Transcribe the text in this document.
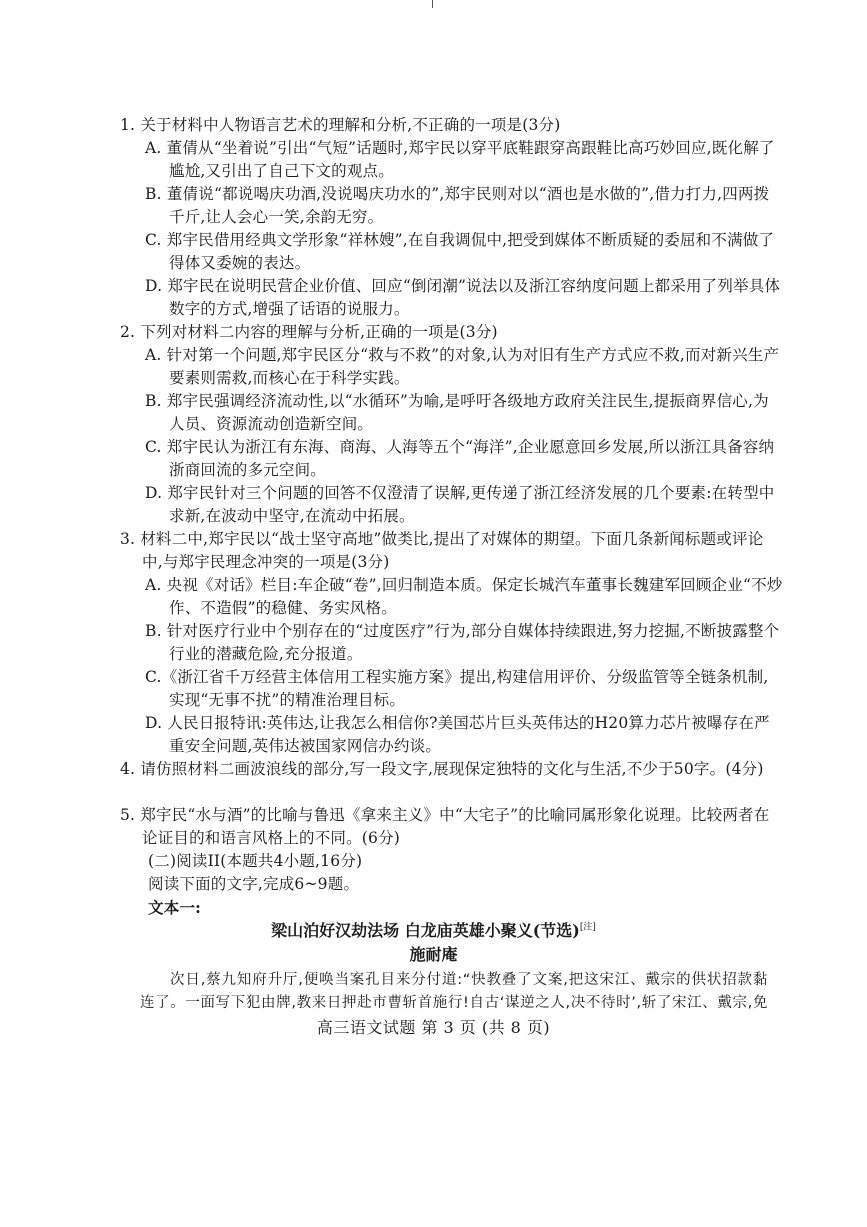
1. 关于材料中人物语言艺术的理解和分析,不正确的一项是(3分)
A. 董倩从“坐着说”引出“气短”话题时,郑宇民以穿平底鞋跟穿高跟鞋比高巧妙回应,既化解了尴尬,又引出了自己下文的观点。
B. 董倩说“都说喝庆功酒,没说喝庆功水的”,郑宇民则对以“酒也是水做的”,借力打力,四两拨千斤,让人会心一笑,余韵无穷。
C. 郑宇民借用经典文学形象“祥林嫂”,在自我调侃中,把受到媒体不断质疑的委屈和不满做了得体又委婉的表达。
D. 郑宇民在说明民营企业价值、回应“倒闭潮”说法以及浙江容纳度问题上都采用了列举具体数字的方式,增强了话语的说服力。
2. 下列对材料二内容的理解与分析,正确的一项是(3分)
A. 针对第一个问题,郑宇民区分“救与不救”的对象,认为对旧有生产方式应不救,而对新兴生产要素则需救,而核心在于科学实践。
B. 郑宇民强调经济流动性,以“水循环”为喻,是呼吁各级地方政府关注民生,提振商界信心,为人员、资源流动创造新空间。
C. 郑宇民认为浙江有东海、商海、人海等五个“海洋”,企业愿意回乡发展,所以浙江具备容纳浙商回流的多元空间。
D. 郑宇民针对三个问题的回答不仅澄清了误解,更传递了浙江经济发展的几个要素:在转型中求新,在波动中坚守,在流动中拓展。
3. 材料二中,郑宇民以“战士坚守高地”做类比,提出了对媒体的期望。下面几条新闻标题或评论中,与郑宇民理念冲突的一项是(3分)
A. 央视《对话》栏目:车企破“卷”,回归制造本质。保定长城汽车董事长魏建军回顾企业“不炒作、不造假”的稳健、务实风格。
B. 针对医疗行业中个别存在的“过度医疗”行为,部分自媒体持续跟进,努力挖掘,不断披露整个行业的潜藏危险,充分报道。
C.《浙江省千万经营主体信用工程实施方案》提出,构建信用评价、分级监管等全链条机制,实现“无事不扰”的精准治理目标。
D. 人民日报特讯:英伟达,让我怎么相信你?美国芯片巨头英伟达的H20算力芯片被曝存在严重安全问题,英伟达被国家网信办约谈。
4. 请仿照材料二画波浪线的部分,写一段文字,展现保定独特的文化与生活,不少于50字。(4分)
5. 郑宇民“水与酒”的比喻与鲁迅《拿来主义》中“大宅子”的比喻同属形象化说理。比较两者在论证目的和语言风格上的不同。(6分)
(二)阅读II(本题共4小题,16分)
阅读下面的文字,完成6~9题。
文本一:
梁山泊好汉劫法场 白龙庙英雄小聚义(节选)[注]
施耐庵
次日,蔡九知府升厅,便唤当案孔目来分付道:“快教叠了文案,把这宋江、戴宗的供状招款黏连了。一面写下犯由牌,教来日押赴市曹斩首施行!自古‘谋逆之人,决不待时’,斩了宋江、戴宗,免
高三语文试题 第 3 页 (共 8 页)
